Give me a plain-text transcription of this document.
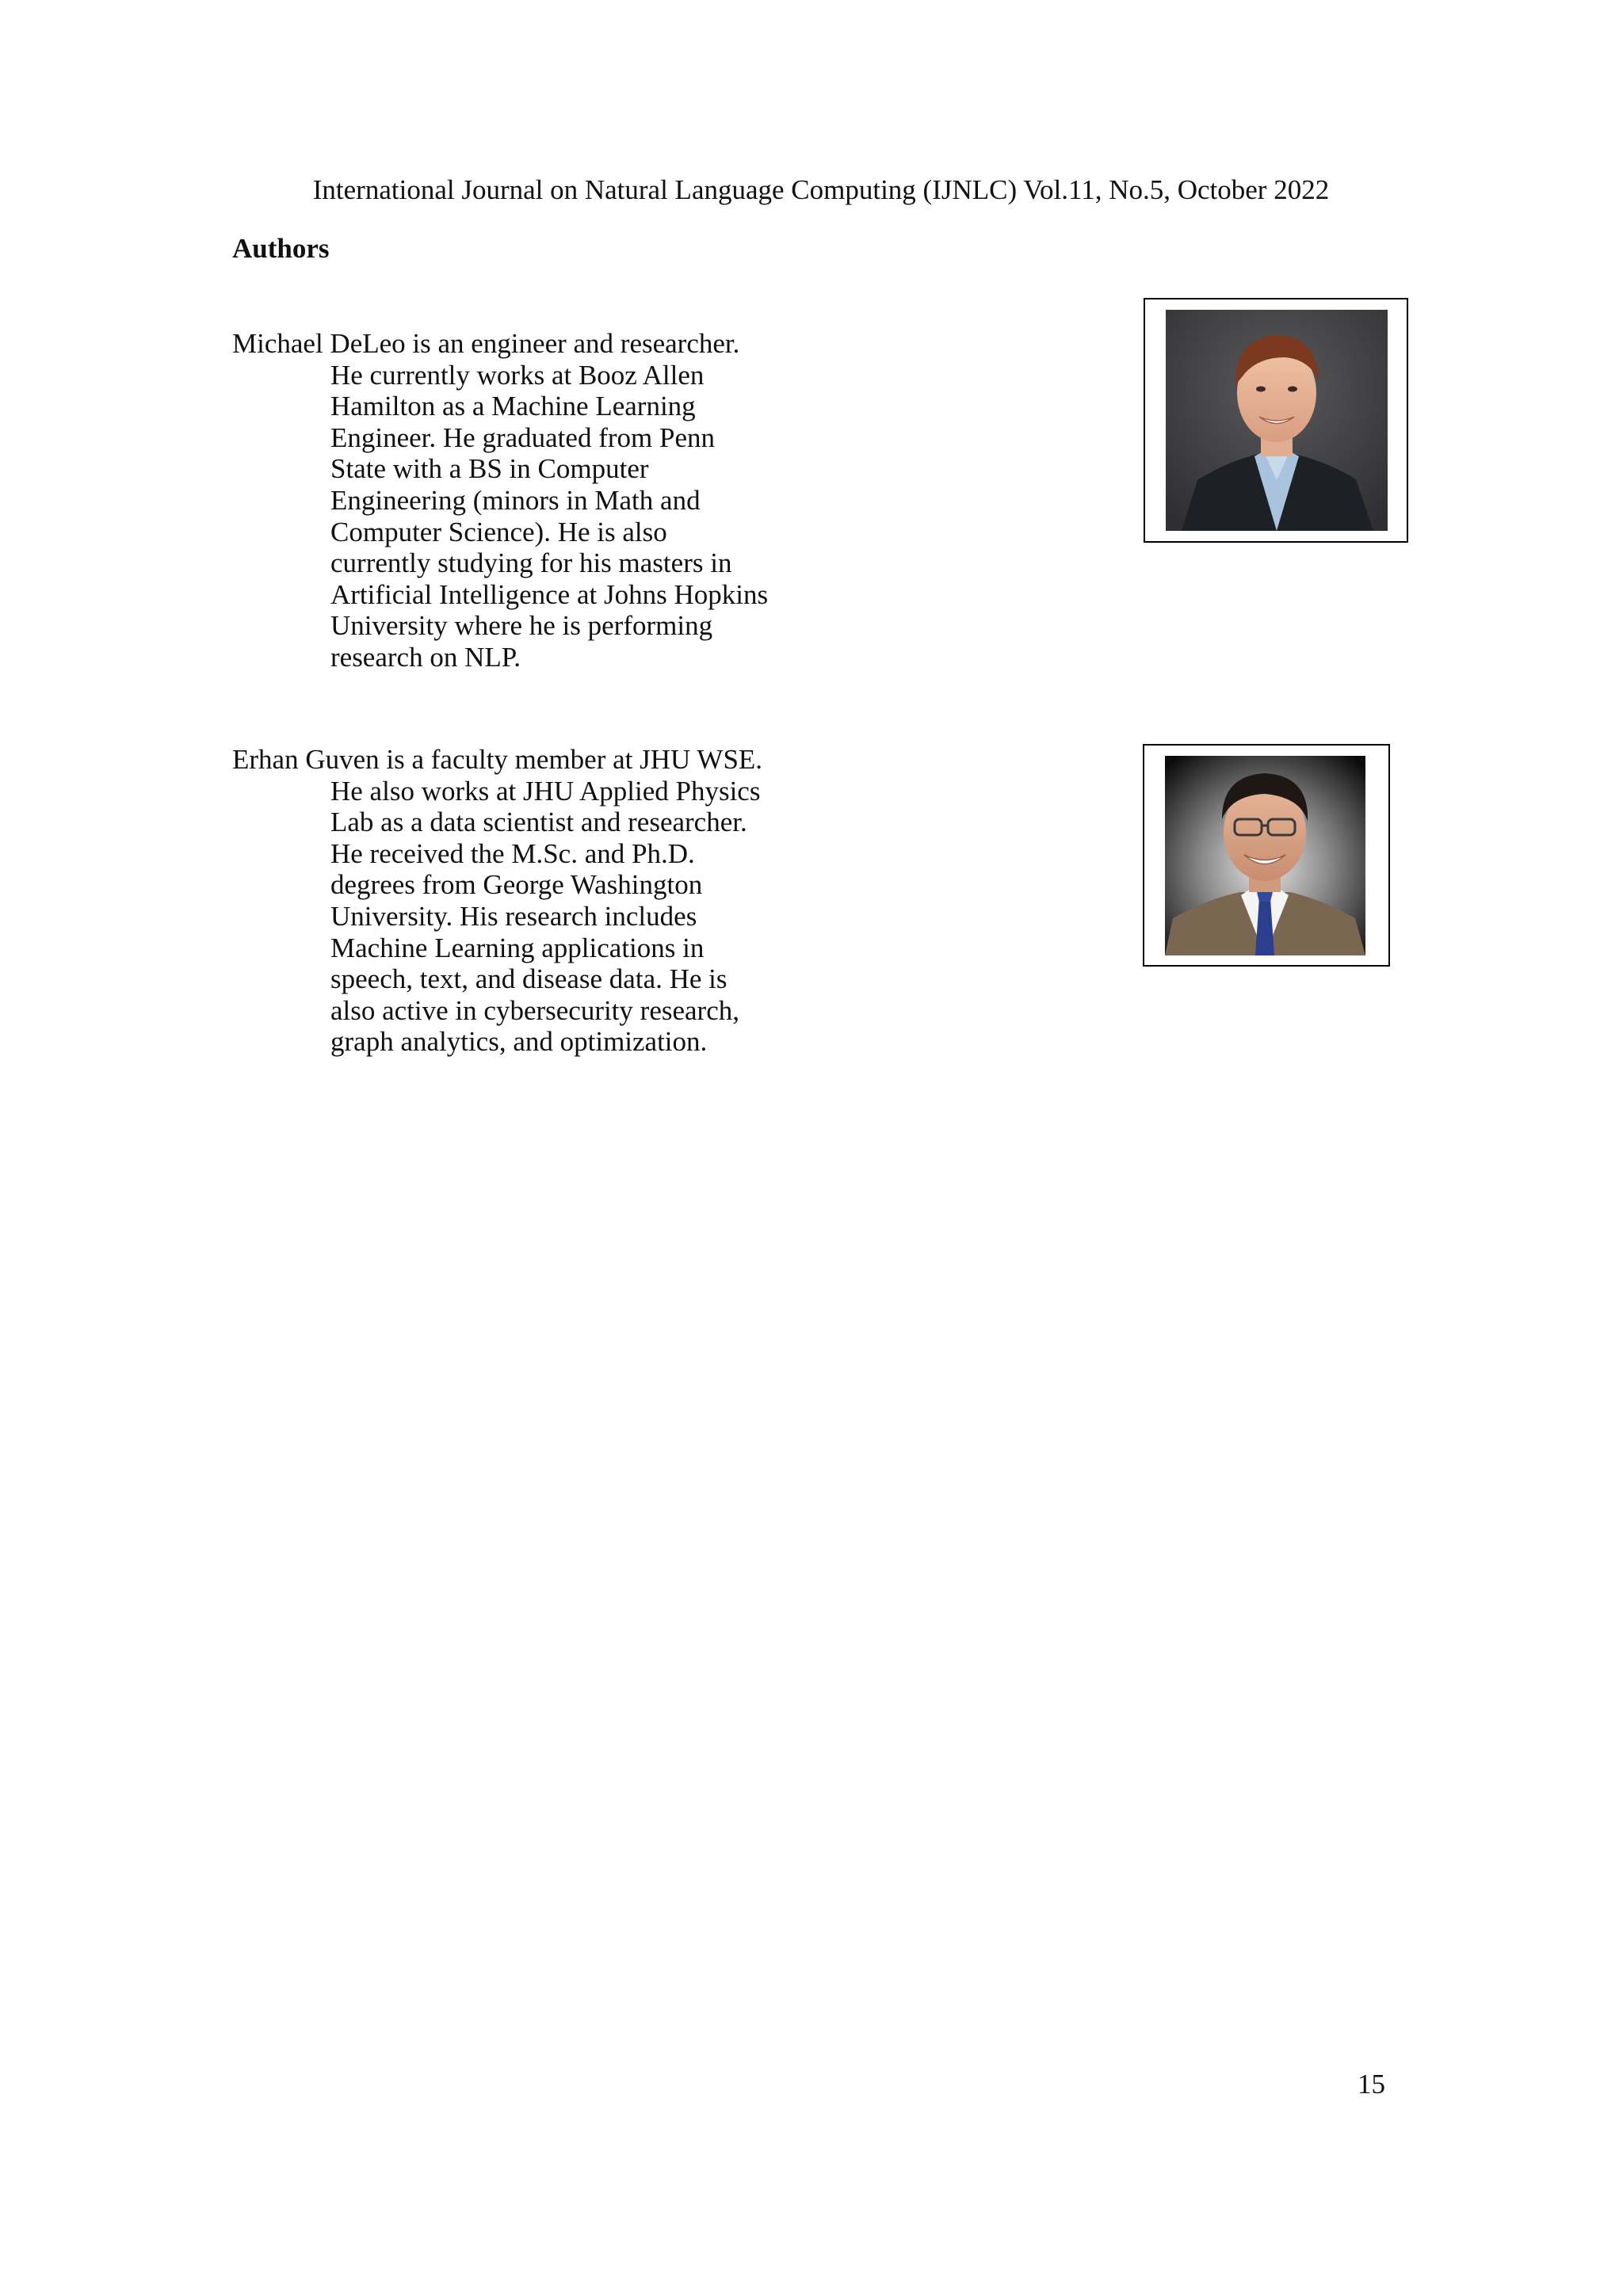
International Journal on Natural Language Computing (IJNLC) Vol.11, No.5, October 2022
Authors
Michael DeLeo is an engineer and researcher.
He currently works at Booz Allen
Hamilton as a Machine Learning
Engineer. He graduated from Penn
State with a BS in Computer
Engineering (minors in Math and
Computer Science). He is also
currently studying for his masters in
Artificial Intelligence at Johns Hopkins
University where he is performing
research on NLP.
Erhan Guven is a faculty member at JHU WSE.
He also works at JHU Applied Physics
Lab as a data scientist and researcher.
He received the M.Sc. and Ph.D.
degrees from George Washington
University. His research includes
Machine Learning applications in
speech, text, and disease data. He is
also active in cybersecurity research,
graph analytics, and optimization.
15
